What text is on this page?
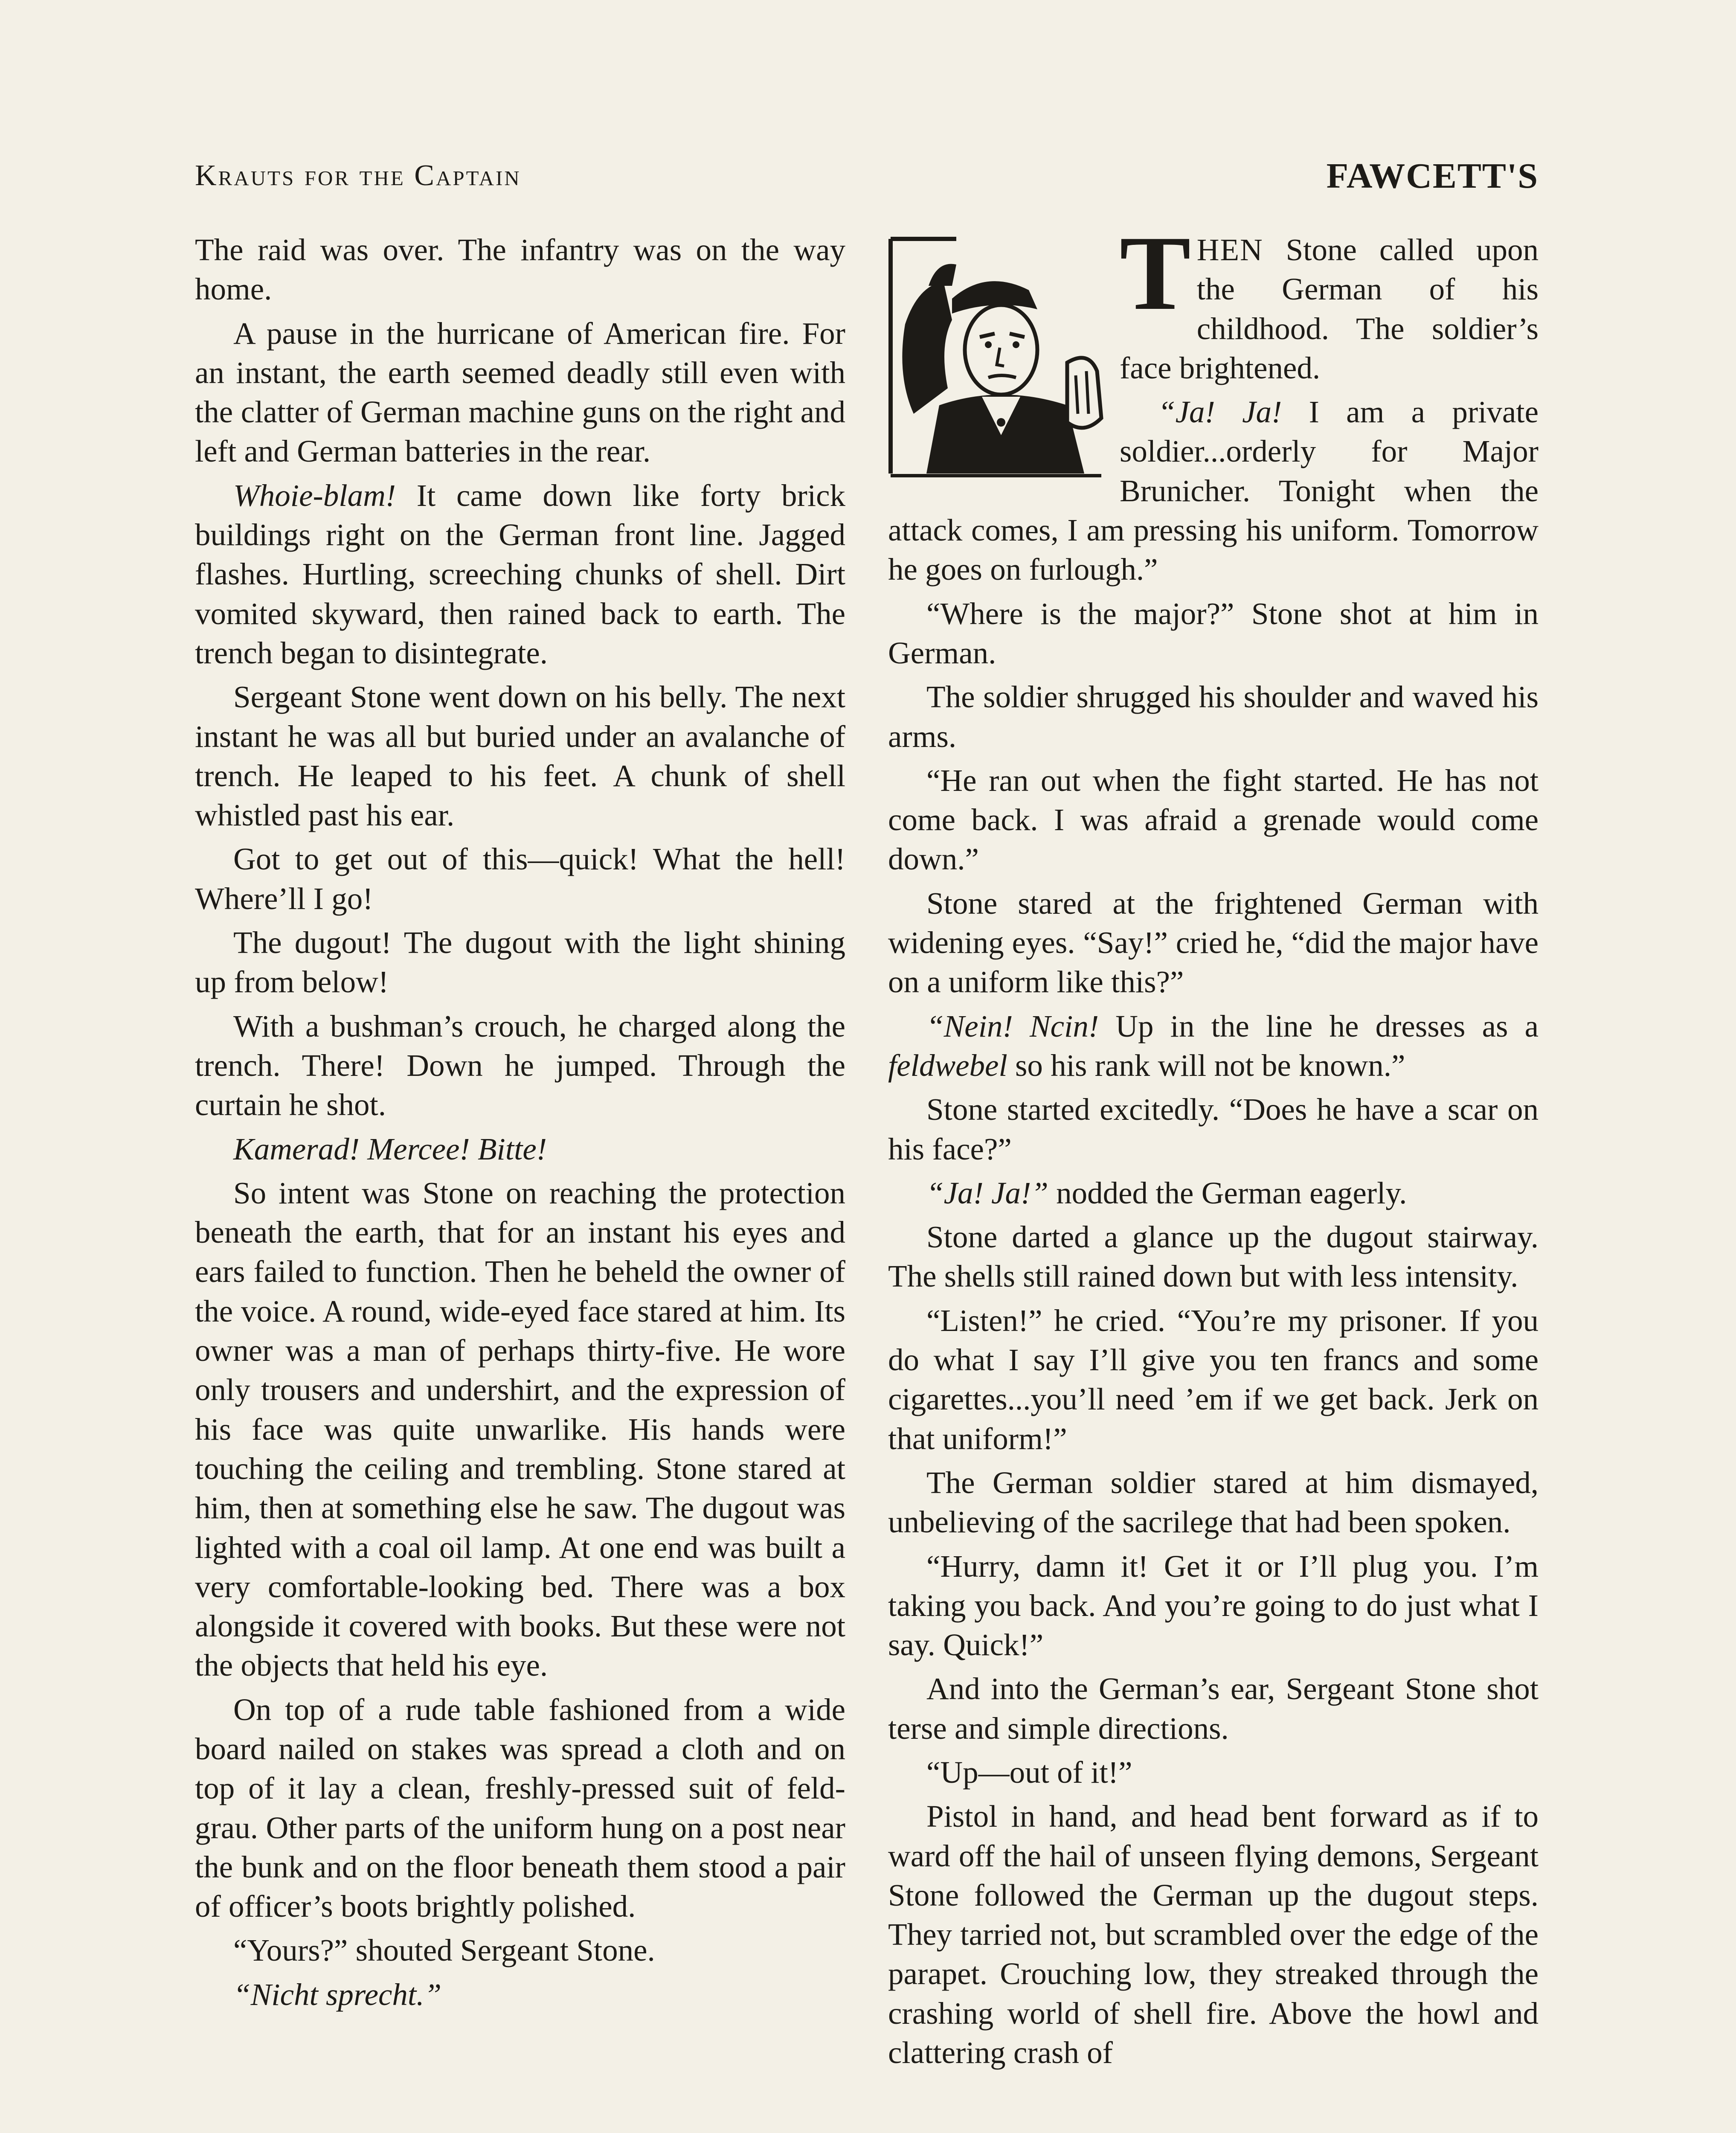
Krauts for the Captain	FAWCETT'S

The raid was over. The infantry was on the way home.

A pause in the hurricane of American fire. For an instant, the earth seemed deadly still even with the clatter of German machine guns on the right and left and German batteries in the rear.

Whoie-blam! It came down like forty brick buildings right on the German front line. Jagged flashes. Hurtling, screeching chunks of shell. Dirt vomited skyward, then rained back to earth. The trench began to disintegrate.

Sergeant Stone went down on his belly. The next instant he was all but buried under an avalanche of trench. He leaped to his feet. A chunk of shell whistled past his ear.

Got to get out of this—quick! What the hell! Where’ll I go!

The dugout! The dugout with the light shining up from below!

With a bushman’s crouch, he charged along the trench. There! Down he jumped. Through the curtain he shot.

Kamerad! Mercee! Bitte!

So intent was Stone on reaching the protection beneath the earth, that for an instant his eyes and ears failed to function. Then he beheld the owner of the voice. A round, wide-eyed face stared at him. Its owner was a man of perhaps thirty-five. He wore only trousers and undershirt, and the expression of his face was quite unwarlike. His hands were touching the ceiling and trembling. Stone stared at him, then at something else he saw. The dugout was lighted with a coal oil lamp. At one end was built a very comfortable-looking bed. There was a box alongside it covered with books. But these were not the objects that held his eye.

On top of a rude table fashioned from a wide board nailed on stakes was spread a cloth and on top of it lay a clean, freshly-pressed suit of feld-grau. Other parts of the uniform hung on a post near the bunk and on the floor beneath them stood a pair of officer’s boots brightly polished.

“Yours?” shouted Sergeant Stone.

“Nicht sprecht.”

THEN Stone called upon the German of his childhood. The soldier’s face brightened.

“Ja! Ja! I am a private soldier...orderly for Major Brunicher. Tonight when the attack comes, I am pressing his uniform. Tomorrow he goes on furlough.”

“Where is the major?” Stone shot at him in German.

The soldier shrugged his shoulder and waved his arms.

“He ran out when the fight started. He has not come back. I was afraid a grenade would come down.”

Stone stared at the frightened German with widening eyes. “Say!” cried he, “did the major have on a uniform like this?”

“Nein! Ncin! Up in the line he dresses as a feldwebel so his rank will not be known.”

Stone started excitedly. “Does he have a scar on his face?”

“Ja! Ja!” nodded the German eagerly.

Stone darted a glance up the dugout stairway. The shells still rained down but with less intensity.

“Listen!” he cried. “You’re my prisoner. If you do what I say I’ll give you ten francs and some cigarettes...you’ll need ’em if we get back. Jerk on that uniform!”

The German soldier stared at him dismayed, unbelieving of the sacrilege that had been spoken.

“Hurry, damn it! Get it or I’ll plug you. I’m taking you back. And you’re going to do just what I say. Quick!”

And into the German’s ear, Sergeant Stone shot terse and simple directions.

“Up—out of it!”

Pistol in hand, and head bent forward as if to ward off the hail of unseen flying demons, Sergeant Stone followed the German up the dugout steps. They tarried not, but scrambled over the edge of the parapet. Crouching low, they streaked through the crashing world of shell fire. Above the howl and clattering crash of
